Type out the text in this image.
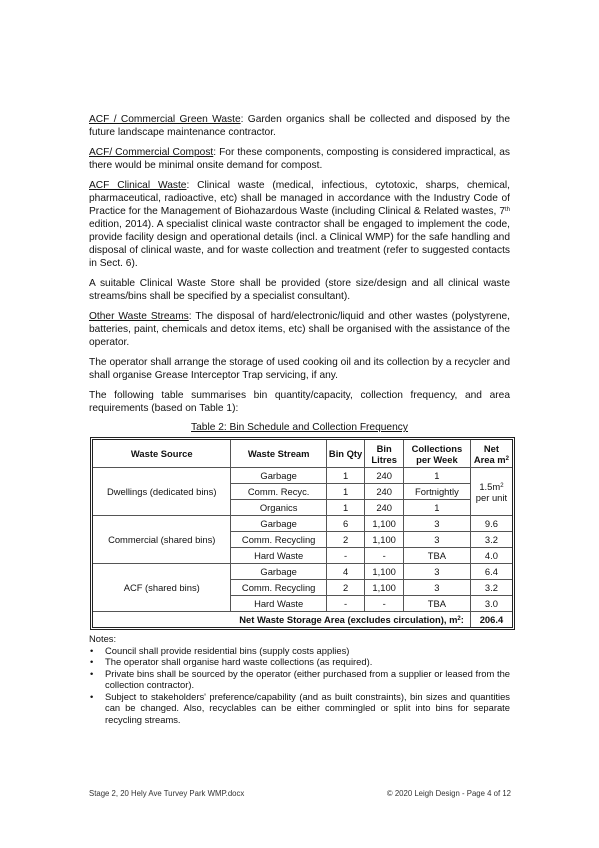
ACF / Commercial Green Waste: Garden organics shall be collected and disposed by the future landscape maintenance contractor.

ACF/ Commercial Compost: For these components, composting is considered impractical, as there would be minimal onsite demand for compost.

ACF Clinical Waste: Clinical waste (medical, infectious, cytotoxic, sharps, chemical, pharmaceutical, radioactive, etc) shall be managed in accordance with the Industry Code of Practice for the Management of Biohazardous Waste (including Clinical & Related wastes, 7th edition, 2014). A specialist clinical waste contractor shall be engaged to implement the code, provide facility design and operational details (incl. a Clinical WMP) for the safe handling and disposal of clinical waste, and for waste collection and treatment (refer to suggested contacts in Sect. 6).

A suitable Clinical Waste Store shall be provided (store size/design and all clinical waste streams/bins shall be specified by a specialist consultant).

Other Waste Streams: The disposal of hard/electronic/liquid and other wastes (polystyrene, batteries, paint, chemicals and detox items, etc) shall be organised with the assistance of the operator.

The operator shall arrange the storage of used cooking oil and its collection by a recycler and shall organise Grease Interceptor Trap servicing, if any.

The following table summarises bin quantity/capacity, collection frequency, and area requirements (based on Table 1):

Table 2: Bin Schedule and Collection Frequency
Waste Source	Waste Stream	Bin Qty	Bin Litres	Collections per Week	Net Area $m^2$
Dwellings (dedicated bins)	Garbage	1	240	1	$1.5m^2$
per unit
	Comm. Recyc.	1	240	Fortnightly	
	Organics	1	240	1	
Commercial (shared bins)	Garbage	6	1,100	3	9.6
	Comm. Recycling	2	1,100	3	3.2
	Hard Waste	-	-	TBA	4.0
ACF (shared bins)	Garbage	4	1,100	3	6.4
	Comm. Recycling	2	1,100	3	3.2
	Hard Waste	-	-	TBA	3.0
Net Waste Storage Area (excludes circulation), $m^2$:					206.4
Notes:
• Council shall provide residential bins (supply costs applies)
• The operator shall organise hard waste collections (as required).
• Private bins shall be sourced by the operator (either purchased from a supplier or leased from the collection contractor).
• Subject to stakeholders' preference/capability (and as built constraints), bin sizes and quantities can be changed. Also, recyclables can be either commingled or split into bins for separate recycling streams.
Stage 2, 20 Hely Ave Turvey Park WMP.docx	© 2020 Leigh Design - Page 4 of 12
